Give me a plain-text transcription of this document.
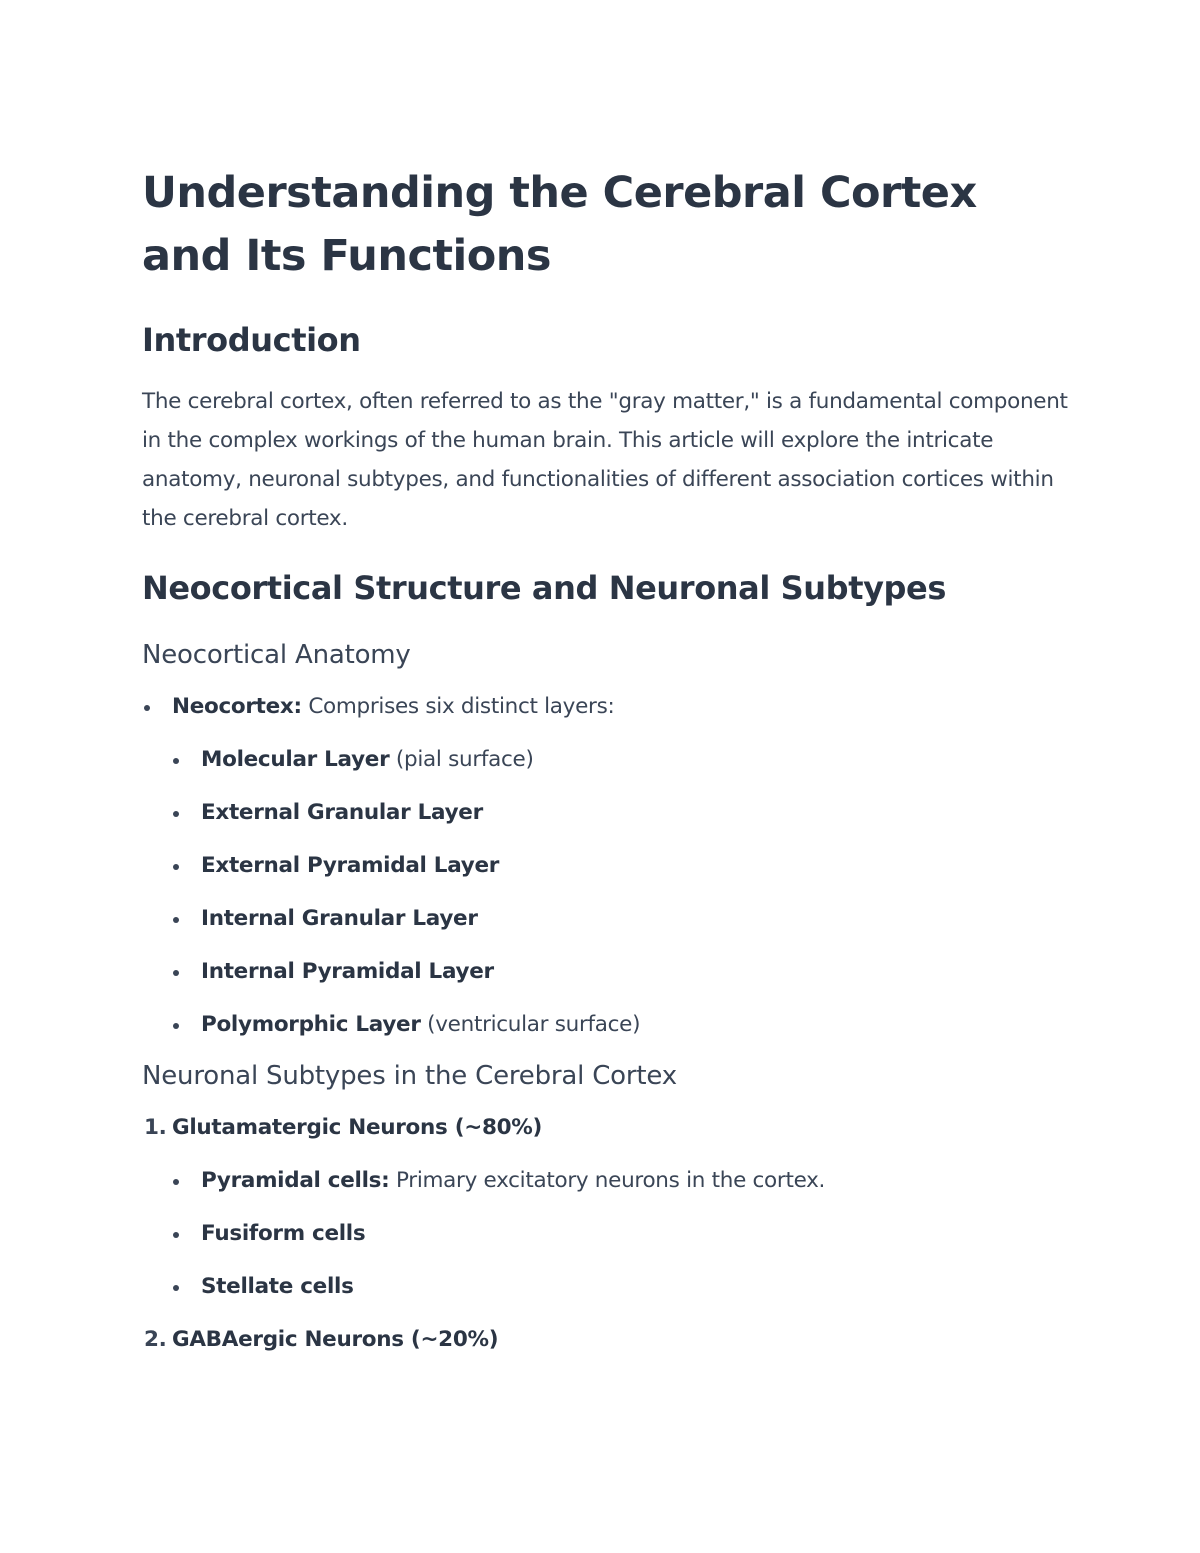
Understanding the Cerebral Cortex and Its Functions
Introduction

The cerebral cortex, often referred to as the "gray matter," is a fundamental component in the complex workings of the human brain. This article will explore the intricate anatomy, neuronal subtypes, and functionalities of different association cortices within the cerebral cortex.

Neocortical Structure and Neuronal Subtypes
Neocortical Anatomy
Neocortex: Comprises six distinct layers:
Molecular Layer (pial surface)
External Granular Layer
External Pyramidal Layer
Internal Granular Layer
Internal Pyramidal Layer
Polymorphic Layer (ventricular surface)
Neuronal Subtypes in the Cerebral Cortex
1. Glutamatergic Neurons (~80%)
Pyramidal cells: Primary excitatory neurons in the cortex.
Fusiform cells
Stellate cells
2. GABAergic Neurons (~20%)
